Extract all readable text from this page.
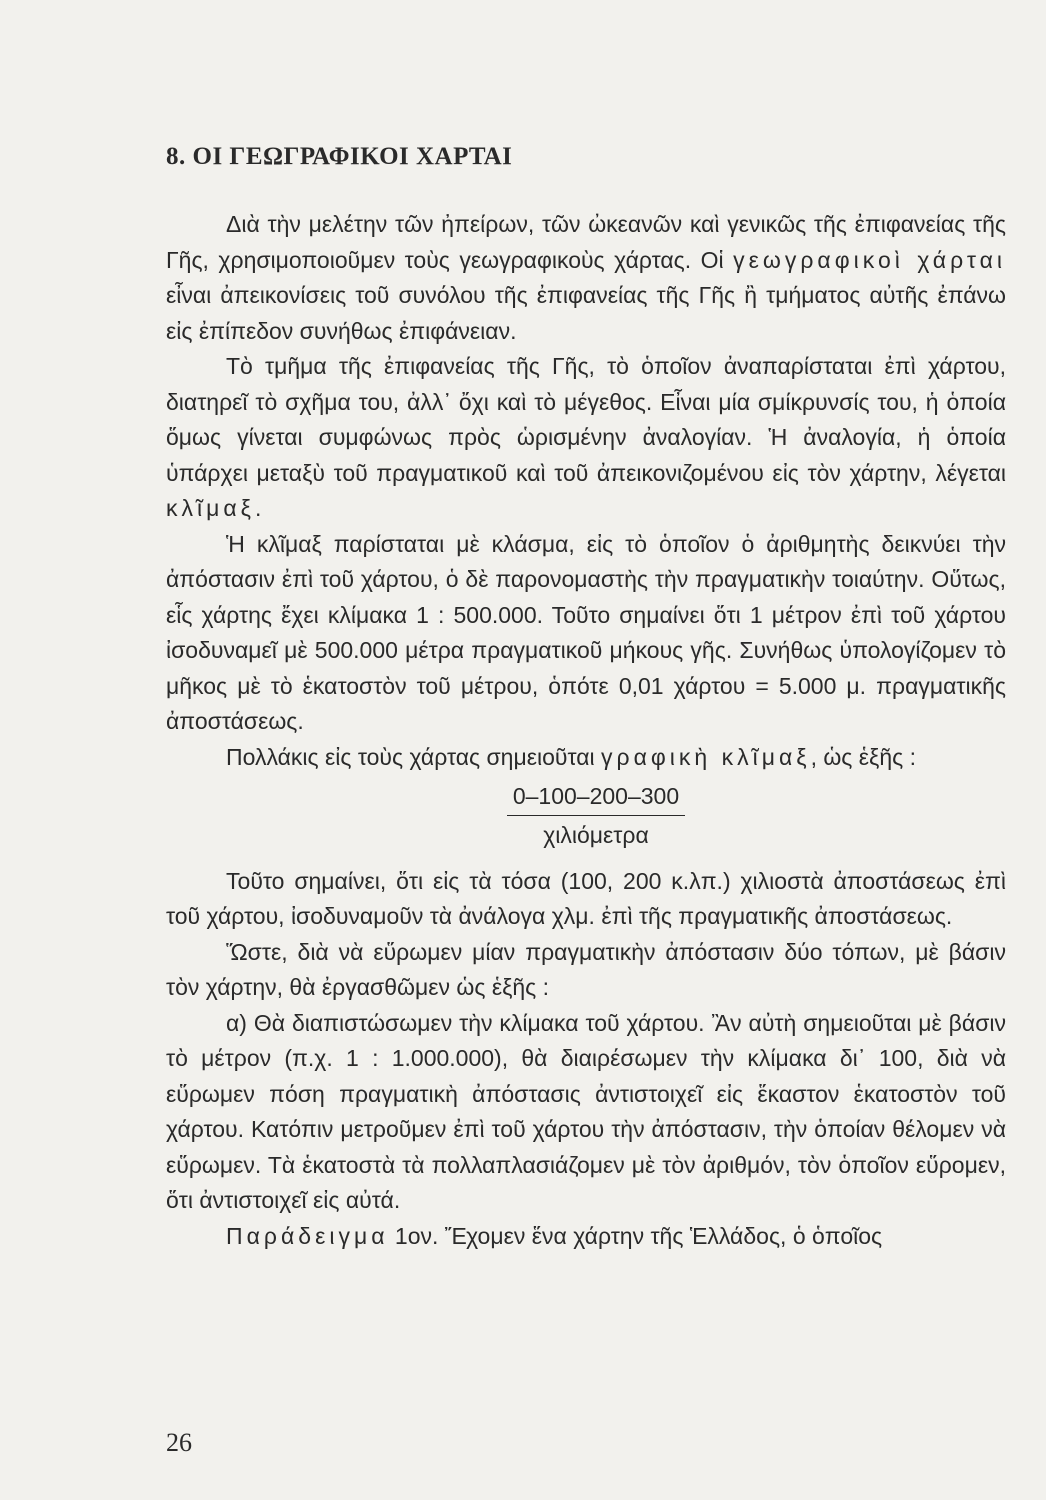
8. ΟΙ ΓΕΩΓΡΑΦΙΚΟΙ ΧΑΡΤΑΙ

Διὰ τὴν μελέτην τῶν ἠπείρων, τῶν ὠκεανῶν καὶ γενικῶς τῆς ἐπιφανείας τῆς Γῆς, χρησιμοποιοῦμεν τοὺς γεωγραφικοὺς χάρτας. Οἱ γεωγραφικοὶ χάρται εἶναι ἀπεικονίσεις τοῦ συνόλου τῆς ἐπιφανείας τῆς Γῆς ἢ τμήματος αὐτῆς ἐπάνω εἰς ἐπίπεδον συνήθως ἐπιφάνειαν.

Τὸ τμῆμα τῆς ἐπιφανείας τῆς Γῆς, τὸ ὁποῖον ἀναπαρίσταται ἐπὶ χάρτου, διατηρεῖ τὸ σχῆμα του, ἀλλ᾽ ὄχι καὶ τὸ μέγεθος. Εἶναι μία σμίκρυνσίς του, ἡ ὁποία ὅμως γίνεται συμφώνως πρὸς ὡρισμένην ἀναλογίαν. Ἡ ἀναλογία, ἡ ὁποία ὑπάρχει μεταξὺ τοῦ πραγματικοῦ καὶ τοῦ ἀπεικονιζομένου εἰς τὸν χάρτην, λέγεται κλῖμαξ.

Ἡ κλῖμαξ παρίσταται μὲ κλάσμα, εἰς τὸ ὁποῖον ὁ ἀριθμητὴς δεικνύει τὴν ἀπόστασιν ἐπὶ τοῦ χάρτου, ὁ δὲ παρονομαστὴς τὴν πραγματικὴν τοιαύτην. Οὕτως, εἷς χάρτης ἔχει κλίμακα 1 : 500.000. Τοῦτο σημαίνει ὅτι 1 μέτρον ἐπὶ τοῦ χάρτου ἰσοδυναμεῖ μὲ 500.000 μέτρα πραγματικοῦ μήκους γῆς. Συνήθως ὑπολογίζομεν τὸ μῆκος μὲ τὸ ἑκατοστὸν τοῦ μέτρου, ὁπότε 0,01 χάρτου = 5.000 μ. πραγματικῆς ἀποστάσεως.

Πολλάκις εἰς τοὺς χάρτας σημειοῦται γραφικὴ κλῖμαξ, ὡς ἑξῆς :

$\frac{0-100-200-300}{\text{χιλιόμετρα}}$

Τοῦτο σημαίνει, ὅτι εἰς τὰ τόσα (100, 200 κ.λπ.) χιλιοστὰ ἀποστάσεως ἐπὶ τοῦ χάρτου, ἰσοδυναμοῦν τὰ ἀνάλογα χλμ. ἐπὶ τῆς πραγματικῆς ἀποστάσεως.

Ὥστε, διὰ νὰ εὕρωμεν μίαν πραγματικὴν ἀπόστασιν δύο τόπων, μὲ βάσιν τὸν χάρτην, θὰ ἐργασθῶμεν ὡς ἑξῆς :

α) Θὰ διαπιστώσωμεν τὴν κλίμακα τοῦ χάρτου. Ἂν αὐτὴ σημειοῦται μὲ βάσιν τὸ μέτρον (π.χ. 1 : 1.000.000), θὰ διαιρέσωμεν τὴν κλίμακα δι᾽ 100, διὰ νὰ εὕρωμεν πόση πραγματικὴ ἀπόστασις ἀντιστοιχεῖ εἰς ἕκαστον ἑκατοστὸν τοῦ χάρτου. Κατόπιν μετροῦμεν ἐπὶ τοῦ χάρτου τὴν ἀπόστασιν, τὴν ὁποίαν θέλομεν νὰ εὕρωμεν. Τὰ ἑκατοστὰ τὰ πολλαπλασιάζομεν μὲ τὸν ἀριθμόν, τὸν ὁποῖον εὕρομεν, ὅτι ἀντιστοιχεῖ εἰς αὐτά.

Παράδειγμα 1ον. Ἔχομεν ἕνα χάρτην τῆς Ἑλλάδος, ὁ ὁποῖος

26
